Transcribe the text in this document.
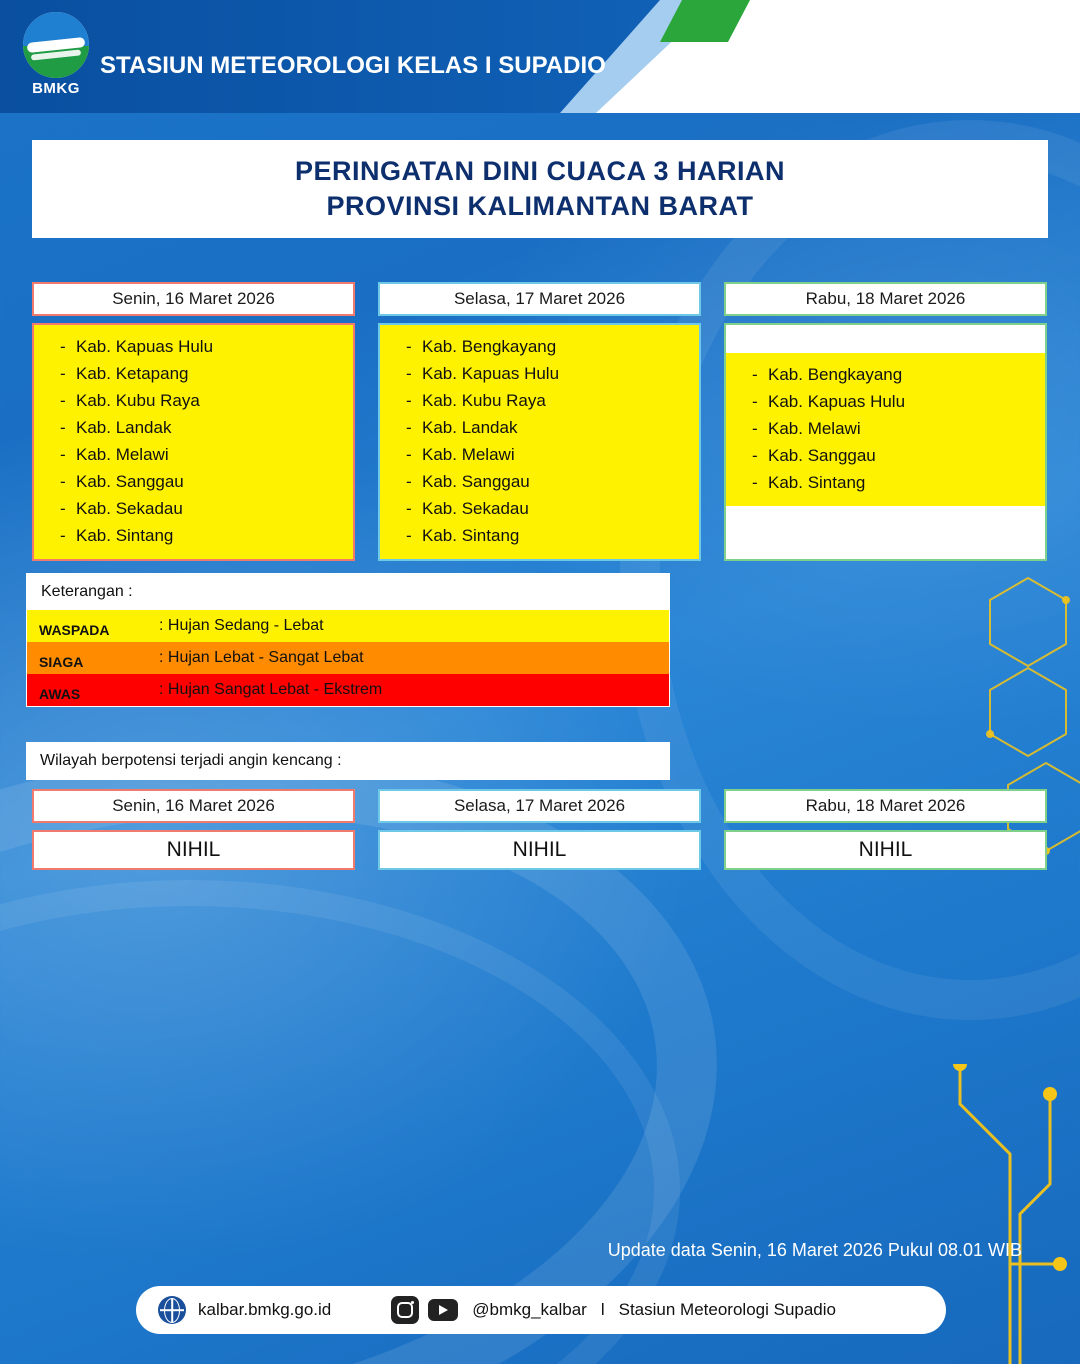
BMKG
STASIUN METEOROLOGI KELAS I SUPADIO
PERINGATAN DINI CUACA 3 HARIAN
PROVINSI KALIMANTAN BARAT
Senin, 16 Maret 2026
- Kab. Kapuas Hulu
- Kab. Ketapang
- Kab. Kubu Raya
- Kab. Landak
- Kab. Melawi
- Kab. Sanggau
- Kab. Sekadau
- Kab. Sintang
Selasa, 17 Maret 2026
- Kab. Bengkayang
- Kab. Kapuas Hulu
- Kab. Kubu Raya
- Kab. Landak
- Kab. Melawi
- Kab. Sanggau
- Kab. Sekadau
- Kab. Sintang
Rabu, 18 Maret 2026
- Kab. Bengkayang
- Kab. Kapuas Hulu
- Kab. Melawi
- Kab. Sanggau
- Kab. Sintang
Keterangan :
WASPADA	: Hujan Sedang - Lebat
SIAGA	: Hujan Lebat - Sangat Lebat
AWAS	: Hujan Sangat Lebat - Ekstrem
Wilayah berpotensi terjadi angin kencang :
Senin, 16 Maret 2026
NIHIL
Selasa, 17 Maret 2026
NIHIL
Rabu, 18 Maret 2026
NIHIL
Update data Senin, 16 Maret 2026 Pukul 08.01 WIB
kalbar.bmkg.go.id	@bmkg_kalbar l Stasiun Meteorologi Supadio
